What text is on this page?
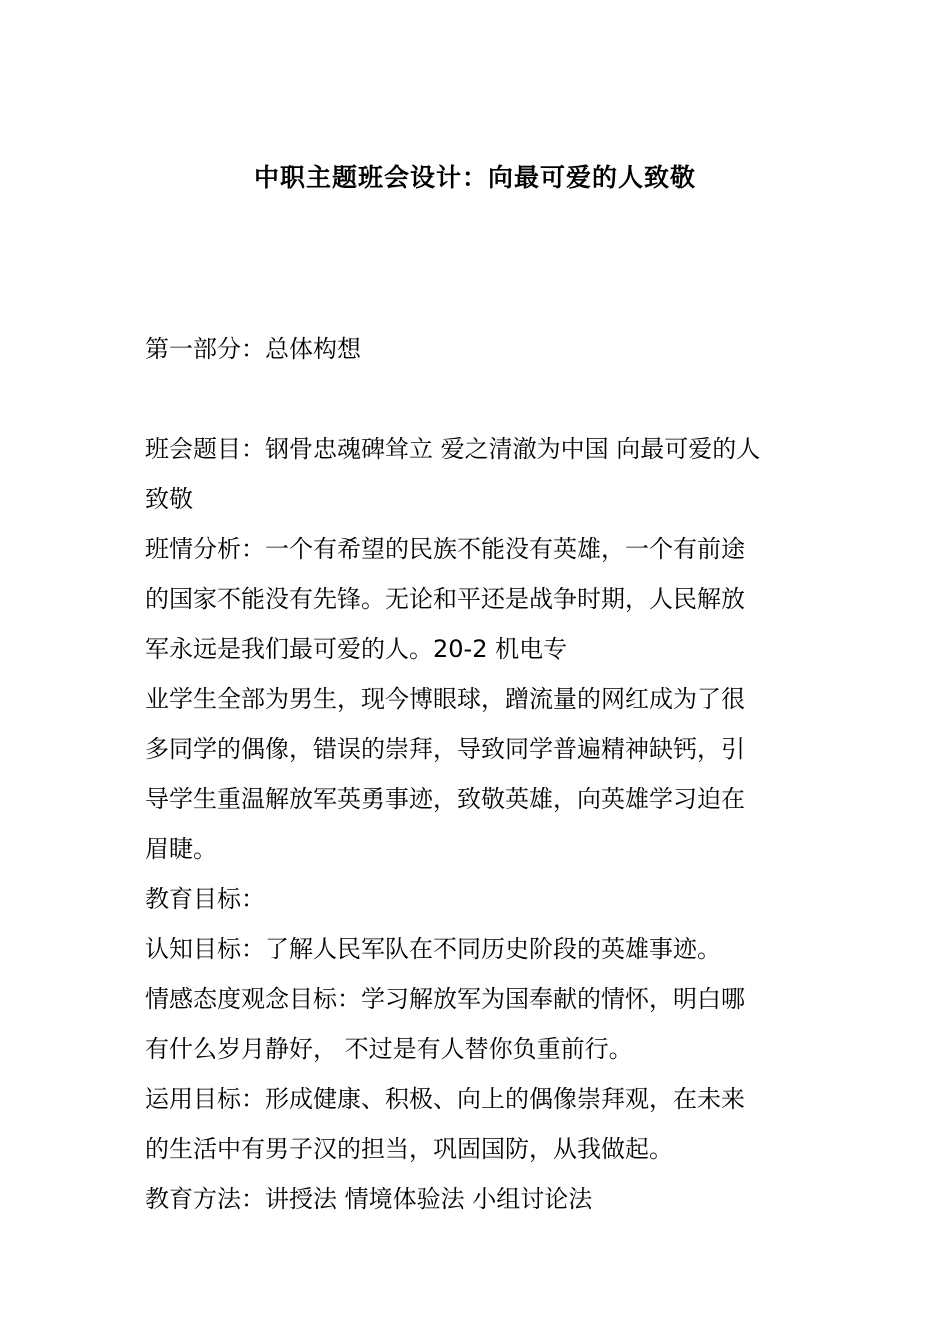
中职主题班会设计：向最可爱的人致敬
第一部分：总体构想
班会题目：钢骨忠魂碑耸立 爱之清澈为中国 向最可爱的人
致敬
班情分析：一个有希望的民族不能没有英雄，一个有前途
的国家不能没有先锋。无论和平还是战争时期，人民解放
军永远是我们最可爱的人。20-2 机电专
业学生全部为男生，现今博眼球，蹭流量的网红成为了很
多同学的偶像，错误的崇拜，导致同学普遍精神缺钙，引
导学生重温解放军英勇事迹，致敬英雄，向英雄学习迫在
眉睫。
教育目标：
认知目标：了解人民军队在不同历史阶段的英雄事迹。
情感态度观念目标：学习解放军为国奉献的情怀，明白哪
有什么岁月静好， 不过是有人替你负重前行。
运用目标：形成健康、积极、向上的偶像崇拜观，在未来
的生活中有男子汉的担当，巩固国防，从我做起。
教育方法：讲授法 情境体验法 小组讨论法
